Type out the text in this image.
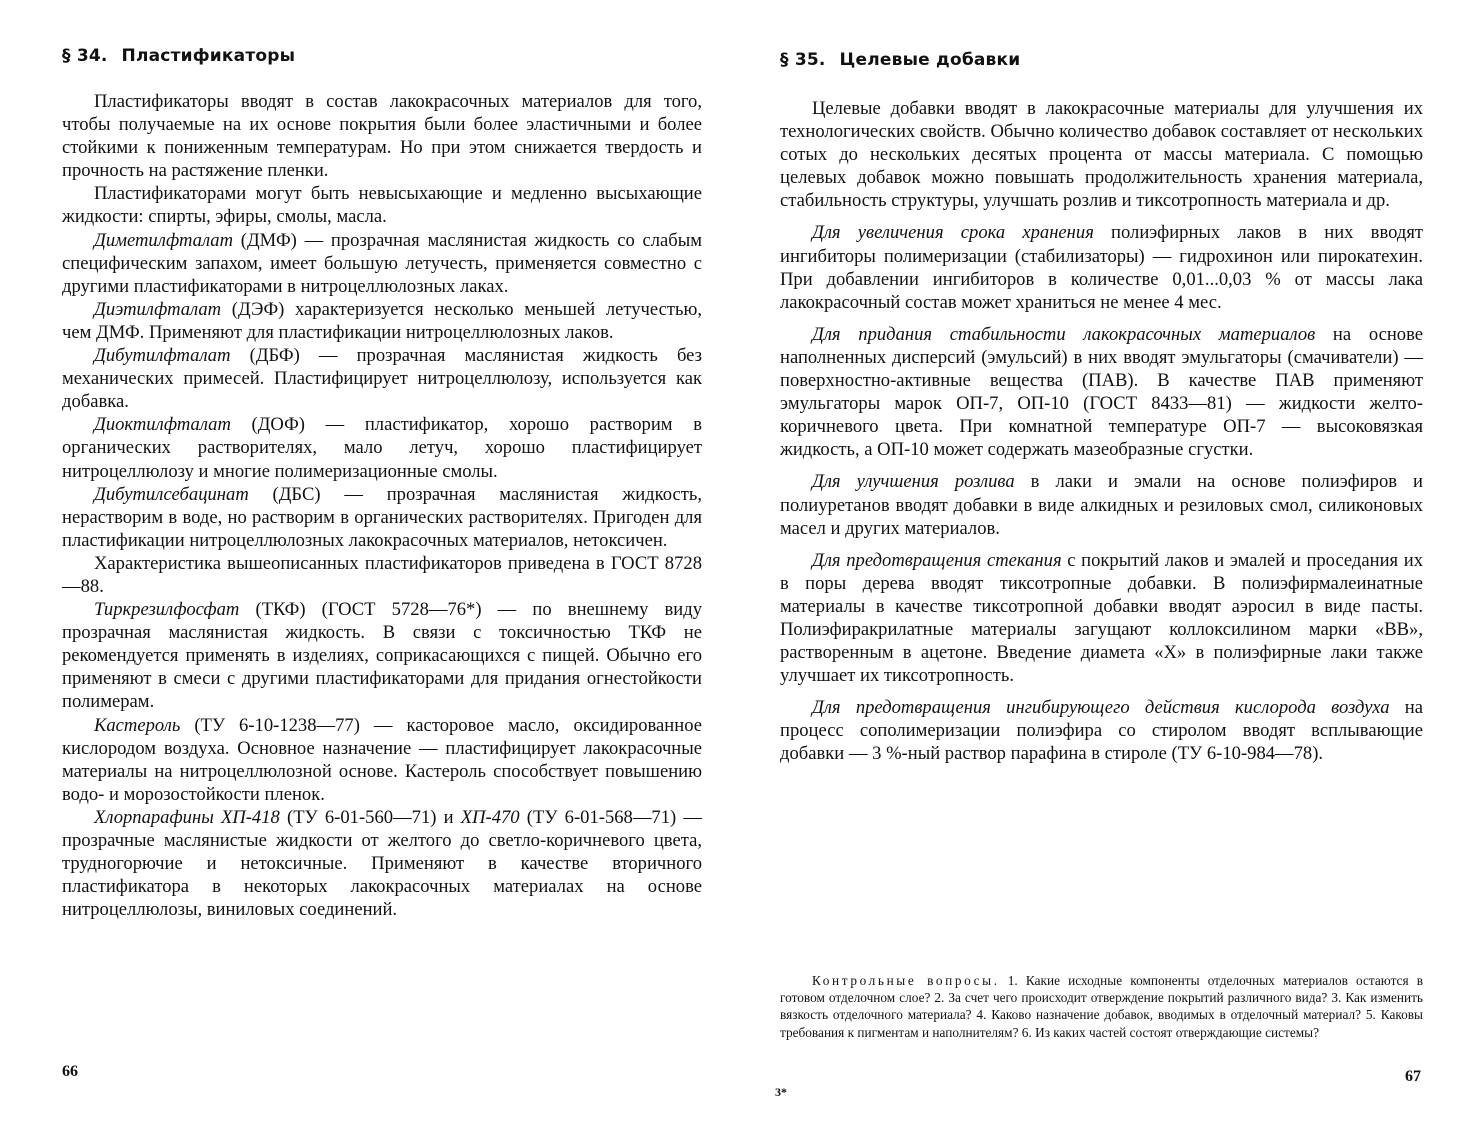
§ 34. Пластификаторы

Пластификаторы вводят в состав лакокрасочных материалов для того, чтобы получаемые на их основе покрытия были более эластичными и более стойкими к пониженным температурам. Но при этом снижается твердость и прочность на растяжение пленки.

Пластификаторами могут быть невысыхающие и медленно высыхающие жидкости: спирты, эфиры, смолы, масла.

Диметилфталат (ДМФ) — прозрачная маслянистая жидкость со слабым специфическим запахом, имеет большую летучесть, применяется совместно с другими пластификаторами в нитроцеллюлозных лаках.

Диэтилфталат (ДЭФ) характеризуется несколько меньшей летучестью, чем ДМФ. Применяют для пластификации нитроцеллюлозных лаков.

Дибутилфталат (ДБФ) — прозрачная маслянистая жидкость без механических примесей. Пластифицирует нитроцеллюлозу, используется как добавка.

Диоктилфталат (ДОФ) — пластификатор, хорошо растворим в органических растворителях, мало летуч, хорошо пластифицирует нитроцеллюлозу и многие полимеризационные смолы.

Дибутилсебацинат (ДБС) — прозрачная маслянистая жидкость, нерастворим в воде, но растворим в органических растворителях. Пригоден для пластификации нитроцеллюлозных лакокрасочных материалов, нетоксичен.

Характеристика вышеописанных пластификаторов приведена в ГОСТ 8728—88.

Тиркрезилфосфат (ТКФ) (ГОСТ 5728—76*) — по внешнему виду прозрачная маслянистая жидкость. В связи с токсичностью ТКФ не рекомендуется применять в изделиях, соприкасающихся с пищей. Обычно его применяют в смеси с другими пластификаторами для придания огнестойкости полимерам.

Кастероль (ТУ 6-10-1238—77) — касторовое масло, оксидированное кислородом воздуха. Основное назначение — пластифицирует лакокрасочные материалы на нитроцеллюлозной основе. Кастероль способствует повышению водо- и морозостойкости пленок.

Хлорпарафины ХП-418 (ТУ 6-01-560—71) и ХП-470 (ТУ 6-01-568—71) — прозрачные маслянистые жидкости от желтого до светло-коричневого цвета, трудногорючие и нетоксичные. Применяют в качестве вторичного пластификатора в некоторых лакокрасочных материалах на основе нитроцеллюлозы, виниловых соединений.

66

§ 35. Целевые добавки

Целевые добавки вводят в лакокрасочные материалы для улучшения их технологических свойств. Обычно количество добавок составляет от нескольких сотых до нескольких десятых процента от массы материала. С помощью целевых добавок можно повышать продолжительность хранения материала, стабильность структуры, улучшать розлив и тиксотропность материала и др.

Для увеличения срока хранения полиэфирных лаков в них вводят ингибиторы полимеризации (стабилизаторы) — гидрохинон или пирокатехин. При добавлении ингибиторов в количестве 0,01...0,03 % от массы лака лакокрасочный состав может храниться не менее 4 мес.

Для придания стабильности лакокрасочных материалов на основе наполненных дисперсий (эмульсий) в них вводят эмульгаторы (смачиватели) — поверхностно-активные вещества (ПАВ). В качестве ПАВ применяют эмульгаторы марок ОП-7, ОП-10 (ГОСТ 8433—81) — жидкости желто-коричневого цвета. При комнатной температуре ОП-7 — высоковязкая жидкость, а ОП-10 может содержать мазеобразные сгустки.

Для улучшения розлива в лаки и эмали на основе полиэфиров и полиуретанов вводят добавки в виде алкидных и резиловых смол, силиконовых масел и других материалов.

Для предотвращения стекания с покрытий лаков и эмалей и проседания их в поры дерева вводят тиксотропные добавки. В полиэфирмалеинатные материалы в качестве тиксотропной добавки вводят аэросил в виде пасты. Полиэфиракрилатные материалы загущают коллоксилином марки «ВВ», растворенным в ацетоне. Введение диамета «Х» в полиэфирные лаки также улучшает их тиксотропность.

Для предотвращения ингибирующего действия кислорода воздуха на процесс сополимеризации полиэфира со стиролом вводят всплывающие добавки — 3 %-ный раствор парафина в стироле (ТУ 6-10-984—78).

Контрольные вопросы. 1. Какие исходные компоненты отделочных материалов остаются в готовом отделочном слое? 2. За счет чего происходит отверждение покрытий различного вида? 3. Как изменить вязкость отделочного материала? 4. Каково назначение добавок, вводимых в отделочный материал? 5. Каковы требования к пигментам и наполнителям? 6. Из каких частей состоят отверждающие системы?

67

3*
